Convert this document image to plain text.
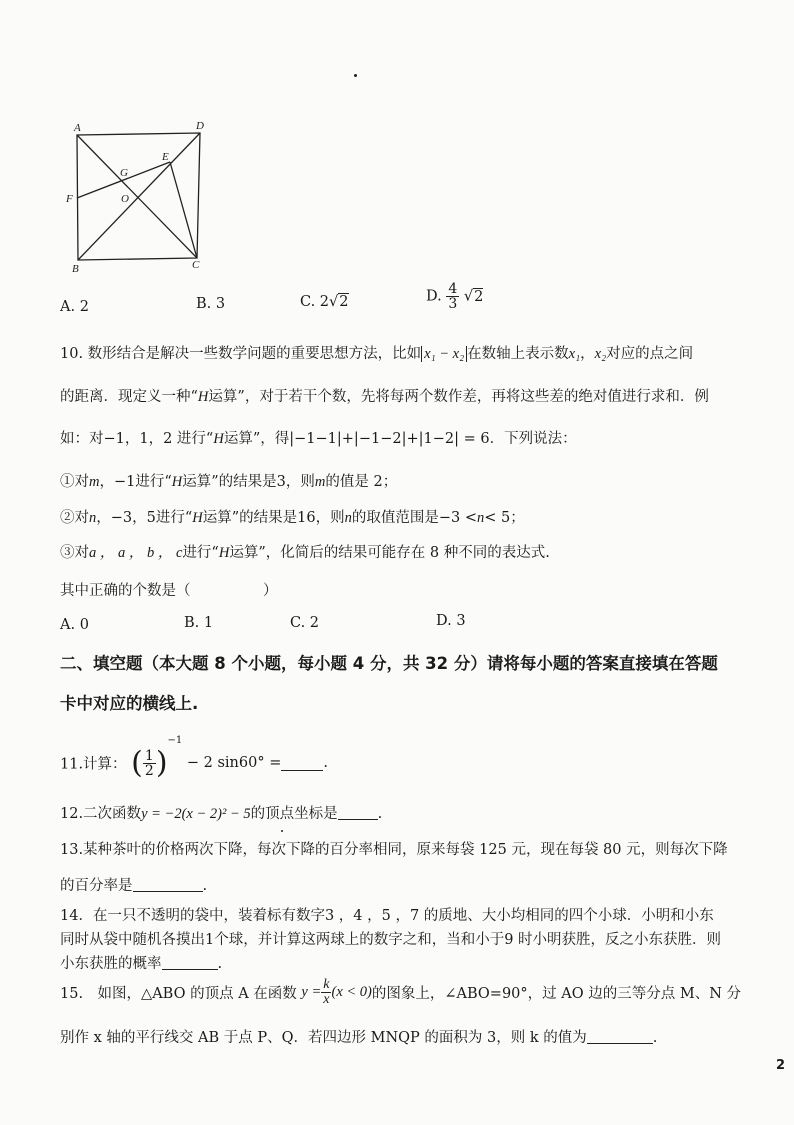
A	D
G
E
F	O
B	C
A. 2	B. 3	C. 2√2	D. $\frac{4}{3} √2$
10. 数形结合是解决一些数学问题的重要思想方法，比如 x₁ − x₂ 在数轴上表示数x₁，x₂对应的点之间
的距离．现定义一种“H运算”，对于若干个数，先将每两个数作差，再将这些差的绝对值进行求和．例
如：对−1，1，2 进行“H运算”，得|−1−1|+|−1−2|+|1−2| = 6．下列说法：
①对m，−1进行“H运算”的结果是3，则m的值是 2；
②对n，−3，5进行“H运算”的结果是16，则n的取值范围是−3 <n< 5；
③对a ， a ， b ， c进行“H运算”，化简后的结果可能存在 8 种不同的表达式.
其中正确的个数是（　　　　　）
A. 0	B. 1	C. 2	D. 3
二、填空题（本大题 8 个小题，每小题 4 分，共 32 分）请将每小题的答案直接填在答题
卡中对应的横线上.
11.计算： ( $\frac{1}{2} )^{-1} - 2$ sin60° =	.
12.二次函数y = −2(x − 2)² − 5的顶点坐标是	.
13.某种茶叶的价格两次下降，每次下降的百分率相同，原来每袋 125 元，现在每袋 80 元，则每次下降
的百分率是	.
14．在一只不透明的袋中，装着标有数字3 ，4 ，5 ，7 的质地、大小均相同的四个小球．小明和小东
同时从袋中随机各摸出1个球，并计算这两球上的数字之和，当和小于9 时小明获胜，反之小东获胜．则
小东获胜的概率	.
15.　如图，△ABO 的顶点 A 在函数 $y = \frac{k}{x} (x < 0)$的图象上，∠ABO=90°，过 AO 边的三等分点 M、N 分
别作 x 轴的平行线交 AB 于点 P、Q．若四边形 MNQP 的面积为 3，则 k 的值为	.
2
